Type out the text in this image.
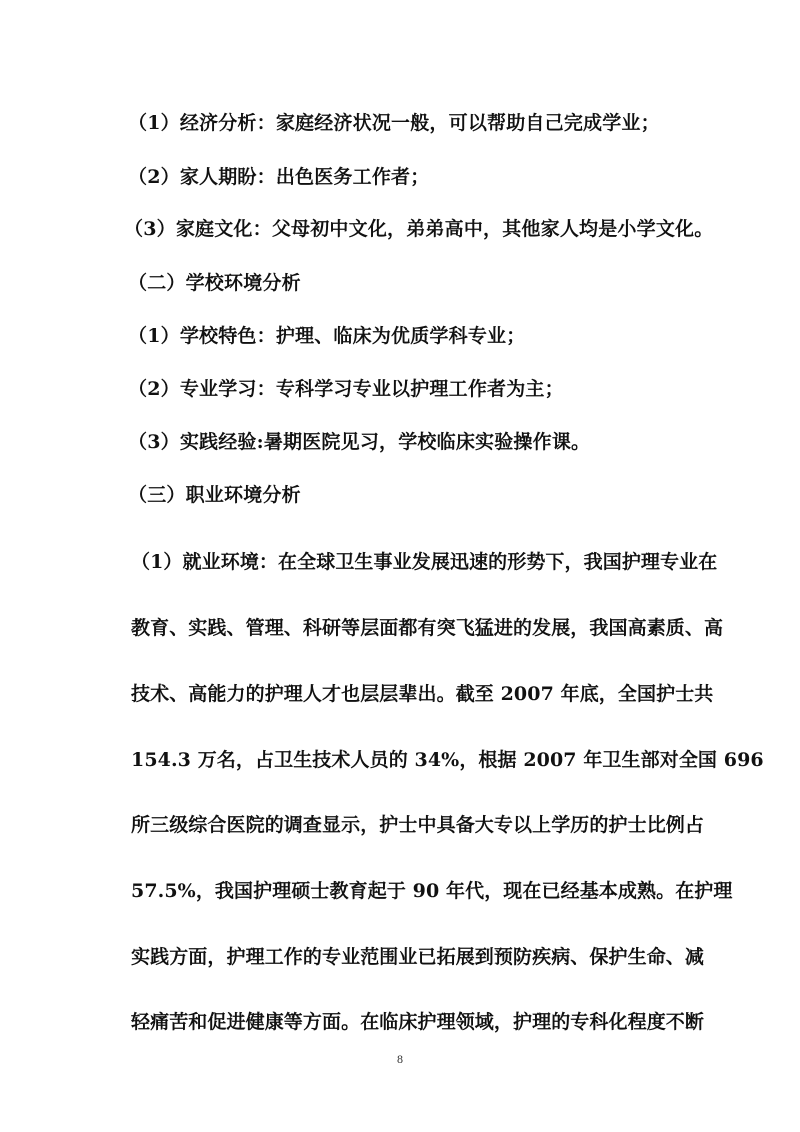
（1）经济分析：家庭经济状况一般，可以帮助自己完成学业；
（2）家人期盼：出色医务工作者；
（3）家庭文化：父母初中文化，弟弟高中，其他家人均是小学文化。
（二）学校环境分析
（1）学校特色：护理、临床为优质学科专业；
（2）专业学习：专科学习专业以护理工作者为主；
（3）实践经验:暑期医院见习，学校临床实验操作课。
（三）职业环境分析
（1）就业环境：在全球卫生事业发展迅速的形势下，我国护理专业在
教育、实践、管理、科研等层面都有突飞猛进的发展，我国高素质、高
技术、高能力的护理人才也层层辈出。截至 2007 年底，全国护士共
154.3 万名，占卫生技术人员的 34%，根据 2007 年卫生部对全国 696
所三级综合医院的调查显示，护士中具备大专以上学历的护士比例占
57.5%，我国护理硕士教育起于 90 年代，现在已经基本成熟。在护理
实践方面，护理工作的专业范围业已拓展到预防疾病、保护生命、减
轻痛苦和促进健康等方面。在临床护理领域，护理的专科化程度不断
8
